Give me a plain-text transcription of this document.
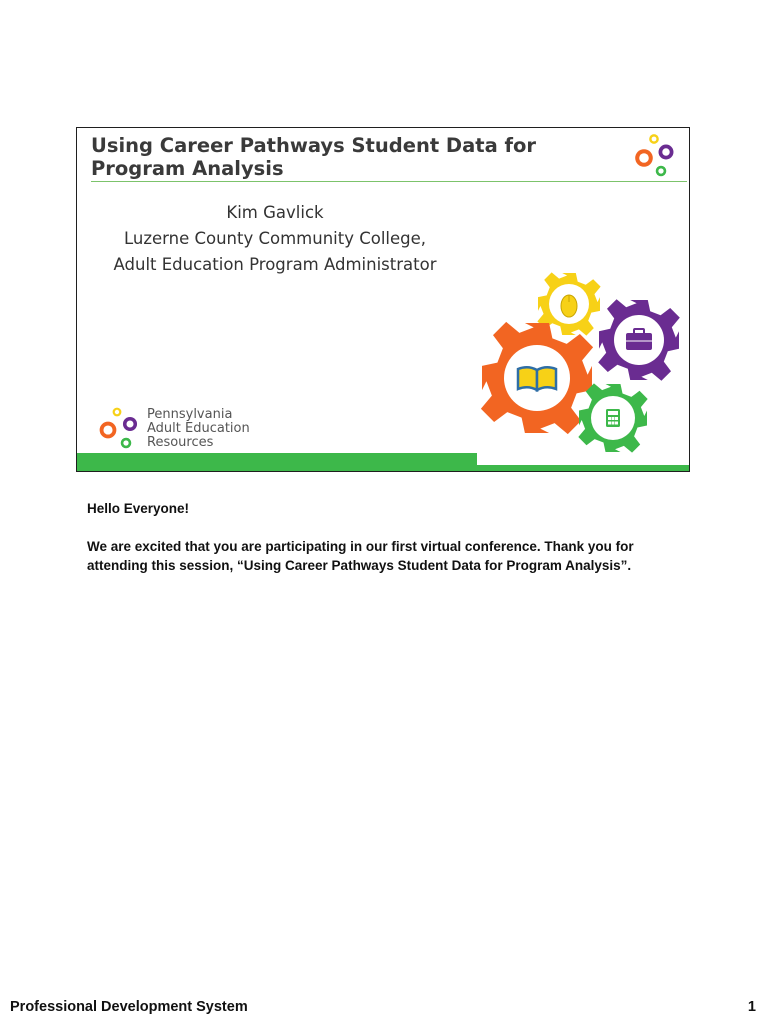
Using Career Pathways Student Data for Program Analysis
Kim Gavlick
Luzerne County Community College,
Adult Education Program Administrator
Pennsylvania
Adult Education
Resources

Hello Everyone!

We are excited that you are participating in our first virtual conference. Thank you for attending this session, “Using Career Pathways Student Data for Program Analysis”.

Professional Development System	1
